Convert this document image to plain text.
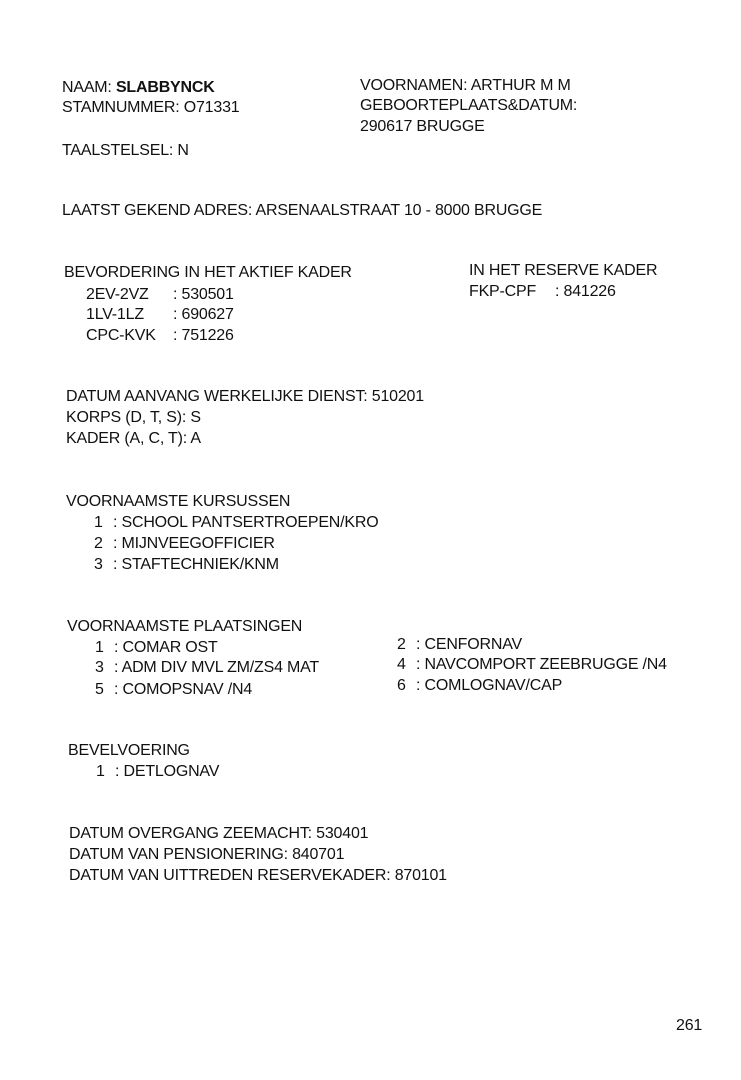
NAAM: SLABBYNCK
STAMNUMMER: O71331
TAALSTELSEL: N
VOORNAMEN: ARTHUR M M
GEBOORTEPLAATS&DATUM:
290617 BRUGGE
LAATST GEKEND ADRES: ARSENAALSTRAAT 10 - 8000 BRUGGE
BEVORDERING IN HET AKTIEF KADER
2EV-2VZ : 530501
1LV-1LZ : 690627
CPC-KVK : 751226
IN HET RESERVE KADER
FKP-CPF : 841226
DATUM AANVANG WERKELIJKE DIENST: 510201
KORPS (D, T, S): S
KADER (A, C, T): A
VOORNAAMSTE KURSUSSEN
1 : SCHOOL PANTSERTROEPEN/KRO
2 : MIJNVEEGOFFICIER
3 : STAFTECHNIEK/KNM
VOORNAAMSTE PLAATSINGEN
1 : COMAR OST
3 : ADM DIV MVL ZM/ZS4 MAT
5 : COMOPSNAV /N4
2 : CENFORNAV
4 : NAVCOMPORT ZEEBRUGGE /N4
6 : COMLOGNAV/CAP
BEVELVOERING
1 : DETLOGNAV
DATUM OVERGANG ZEEMACHT: 530401
DATUM VAN PENSIONERING: 840701
DATUM VAN UITTREDEN RESERVEKADER: 870101
261
